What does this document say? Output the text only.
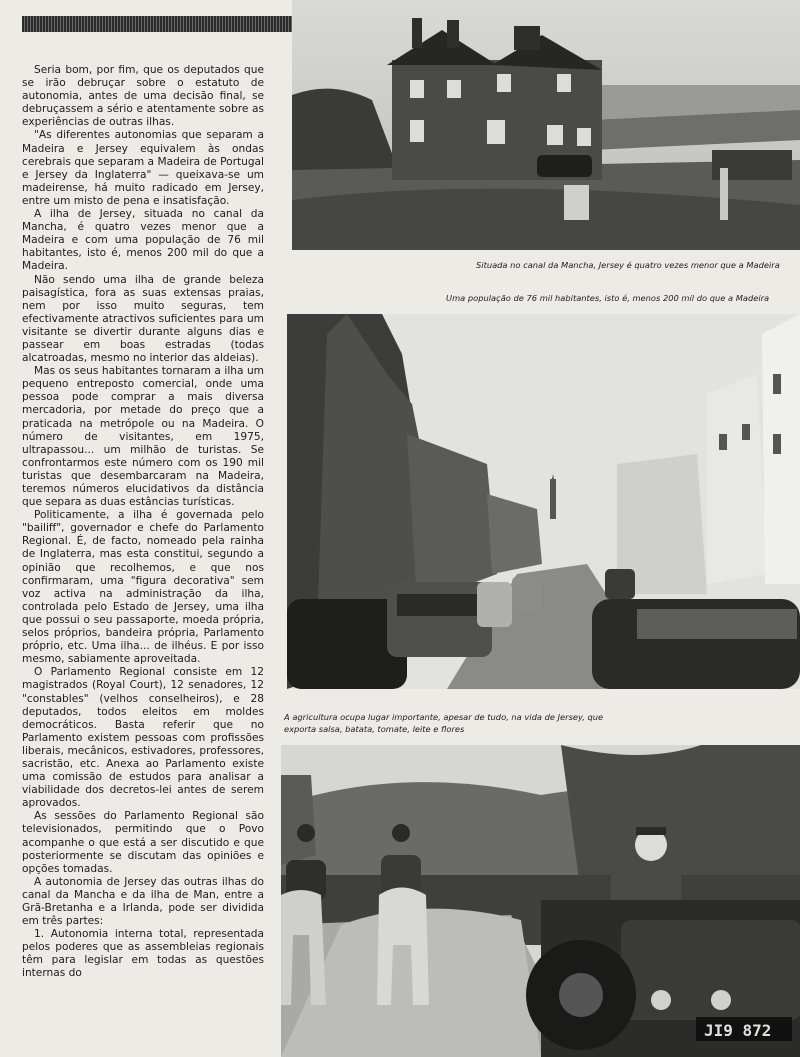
Seria bom, por fim, que os deputados que se irão debruçar sobre o estatuto de autonomia, antes de uma decisão final, se debruçassem a sério e atentamente sobre as experiências de outras ilhas.

"As diferentes autonomias que separam a Madeira e Jersey equivalem às ondas cerebrais que separam a Madeira de Portugal e Jersey da Inglaterra" — queixava-se um madeirense, há muito radicado em Jersey, entre um misto de pena e insatisfação.

A ilha de Jersey, situada no canal da Mancha, é quatro vezes menor que a Madeira e com uma população de 76 mil habitantes, isto é, menos 200 mil do que a Madeira.

Não sendo uma ilha de grande beleza paisagística, fora as suas extensas praias, nem por isso muito seguras, tem efectivamente atractivos suficientes para um visitante se divertir durante alguns dias e passear em boas estradas (todas alcatroadas, mesmo no interior das aldeias).

Mas os seus habitantes tornaram a ilha um pequeno entreposto comercial, onde uma pessoa pode comprar a mais diversa mercadoria, por metade do preço que a praticada na metrópole ou na Madeira. O número de visitantes, em 1975, ultrapassou... um milhão de turistas. Se confrontarmos este número com os 190 mil turistas que desembarcaram na Madeira, teremos números elucidativos da distância que separa as duas estâncias turísticas.

Politicamente, a ilha é governada pelo "bailiff", governador e chefe do Parlamento Regional. É, de facto, nomeado pela rainha de Inglaterra, mas esta constitui, segundo a opinião que recolhemos, e que nos confirmaram, uma "figura decorativa" sem voz activa na administração da ilha, controlada pelo Estado de Jersey, uma ilha que possui o seu passaporte, moeda própria, selos próprios, bandeira própria, Parlamento próprio, etc. Uma ilha... de ilhéus. E por isso mesmo, sabiamente aproveitada.

O Parlamento Regional consiste em 12 magistrados (Royal Court), 12 senadores, 12 "constables" (velhos conselheiros), e 28 deputados, todos eleitos em moldes democráticos. Basta referir que no Parlamento existem pessoas com profissões liberais, mecânicos, estivadores, professores, sacristão, etc. Anexa ao Parlamento existe uma comissão de estudos para analisar a viabilidade dos decretos-lei antes de serem aprovados.

As sessões do Parlamento Regional são televisionados, permitindo que o Povo acompanhe o que está a ser discutido e que posteriormente se discutam das opiniões e opções tomadas.

A autonomia de Jersey das outras ilhas do canal da Mancha e da ilha de Man, entre a Grã-Bretanha e a Irlanda, pode ser dividida em três partes:

1. Autonomia interna total, representada pelos poderes que as assembleias regionais têm para legislar em todas as questões internas do

Situada no canal da Mancha, Jersey é quatro vezes menor que a Madeira
Uma população de 76 mil habitantes, isto é, menos 200 mil do que a Madeira
A agricultura ocupa lugar importante, apesar de tudo, na vida de Jersey, que
exporta salsa, batata, tomate, leite e flores
JI9 872
